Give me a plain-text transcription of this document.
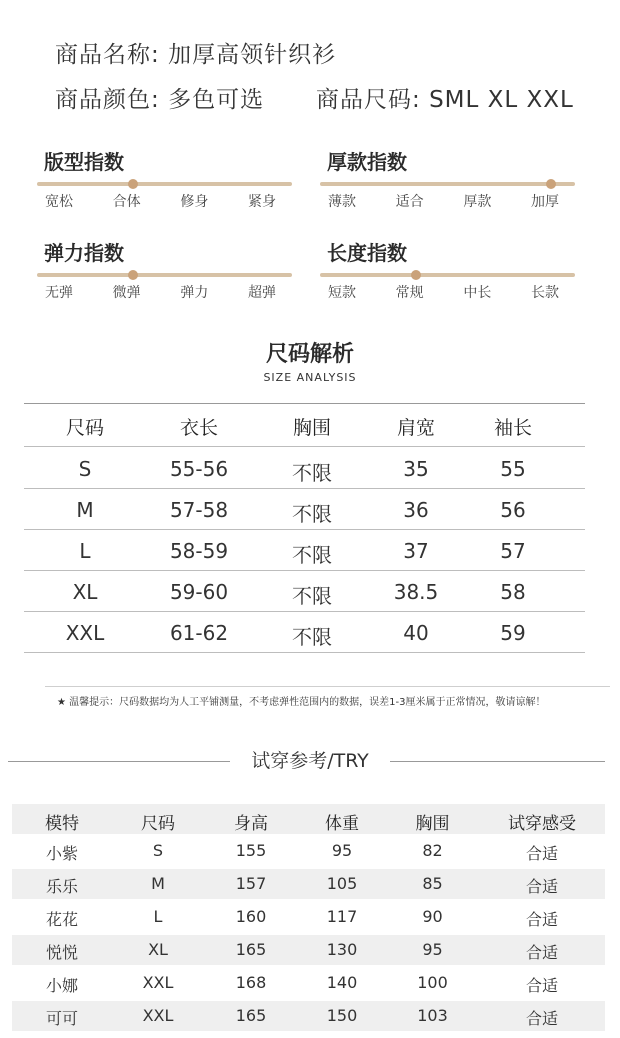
商品名称: 加厚高领针织衫
商品颜色: 多色可选 商品尺码: SML XL XXL
版型指数
宽松	合体	修身	紧身
厚款指数
薄款	适合	厚款	加厚
弹力指数
无弹	微弹	弹力	超弹
长度指数
短款	常规	中长	长款
尺码解析
SIZE ANALYSIS
尺码	衣长	胸围	肩宽	袖长
S	55-56	不限	35	55
M	57-58	不限	36	56
L	58-59	不限	37	57
XL	59-60	不限	38.5	58
XXL	61-62	不限	40	59
★ 温馨提示：尺码数据均为人工平铺测量，不考虑弹性范围内的数据，误差1-3厘米属于正常情况，敬请谅解！
试穿参考/TRY
模特	尺码	身高	体重	胸围	试穿感受
小紫	S	155	95	82	合适
乐乐	M	157	105	85	合适
花花	L	160	117	90	合适
悦悦	XL	165	130	95	合适
小娜	XXL	168	140	100	合适
可可	XXL	165	150	103	合适
